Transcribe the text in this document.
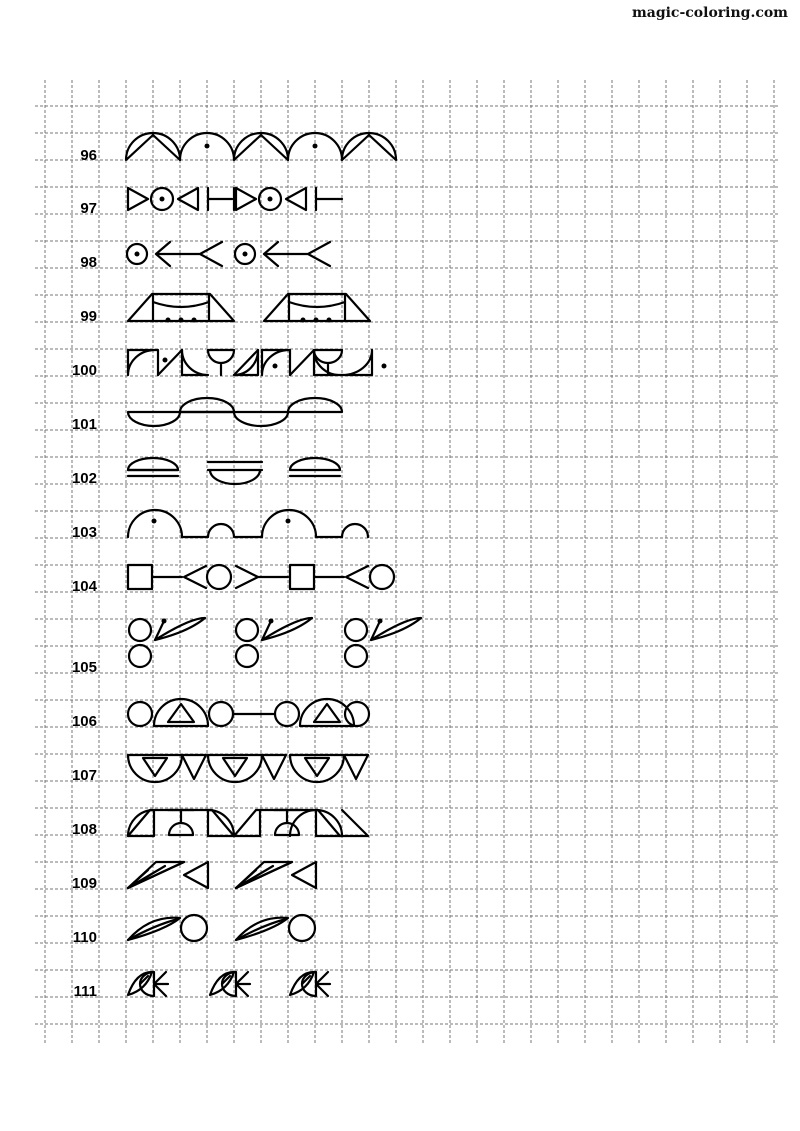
magic-coloring.com
96
97
98
99
100
101
102
103
104
105
106
107
108
109
110
111
